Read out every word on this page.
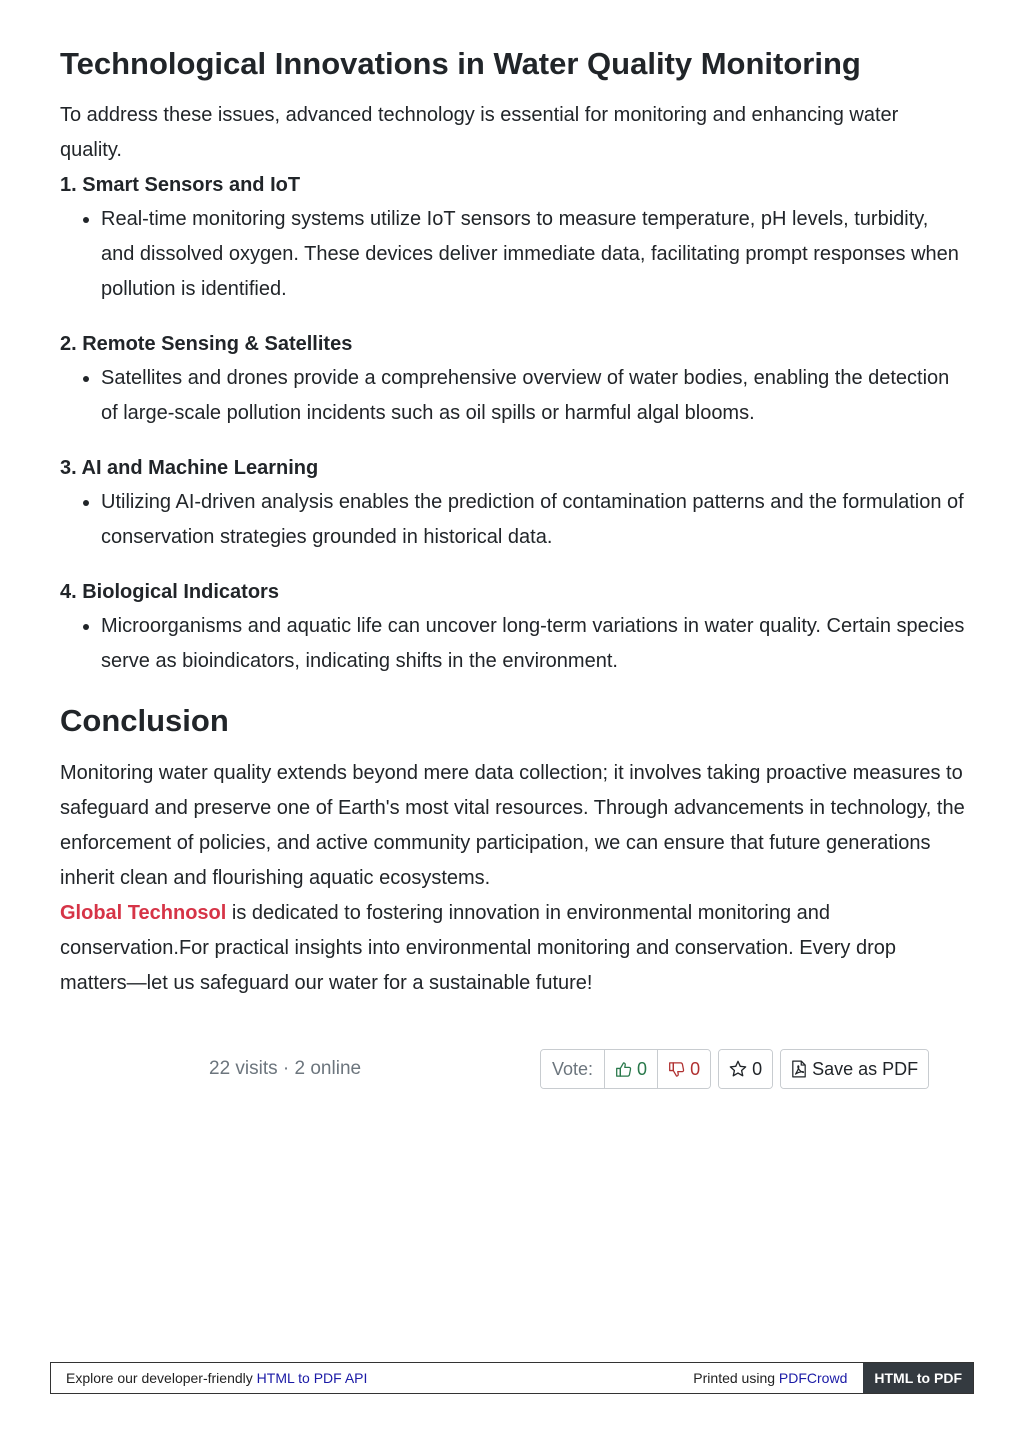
Technological Innovations in Water Quality Monitoring

To address these issues, advanced technology is essential for monitoring and enhancing water quality.

1. Smart Sensors and IoT
• Real-time monitoring systems utilize IoT sensors to measure temperature, pH levels, turbidity, and dissolved oxygen. These devices deliver immediate data, facilitating prompt responses when pollution is identified.
2. Remote Sensing & Satellites
• Satellites and drones provide a comprehensive overview of water bodies, enabling the detection of large-scale pollution incidents such as oil spills or harmful algal blooms.
3. AI and Machine Learning
• Utilizing AI-driven analysis enables the prediction of contamination patterns and the formulation of conservation strategies grounded in historical data.
4. Biological Indicators
• Microorganisms and aquatic life can uncover long-term variations in water quality. Certain species serve as bioindicators, indicating shifts in the environment.
Conclusion

Monitoring water quality extends beyond mere data collection; it involves taking proactive measures to safeguard and preserve one of Earth's most vital resources. Through advancements in technology, the enforcement of policies, and active community participation, we can ensure that future generations inherit clean and flourishing aquatic ecosystems.
Global Technosol is dedicated to fostering innovation in environmental monitoring and conservation.For practical insights into environmental monitoring and conservation. Every drop matters—let us safeguard our water for a sustainable future!

22 visits · 2 online	Vote:	0 0	0	Save as PDF
Explore our developer-friendly HTML to PDF API	Printed using PDFCrowd	HTML to PDF
